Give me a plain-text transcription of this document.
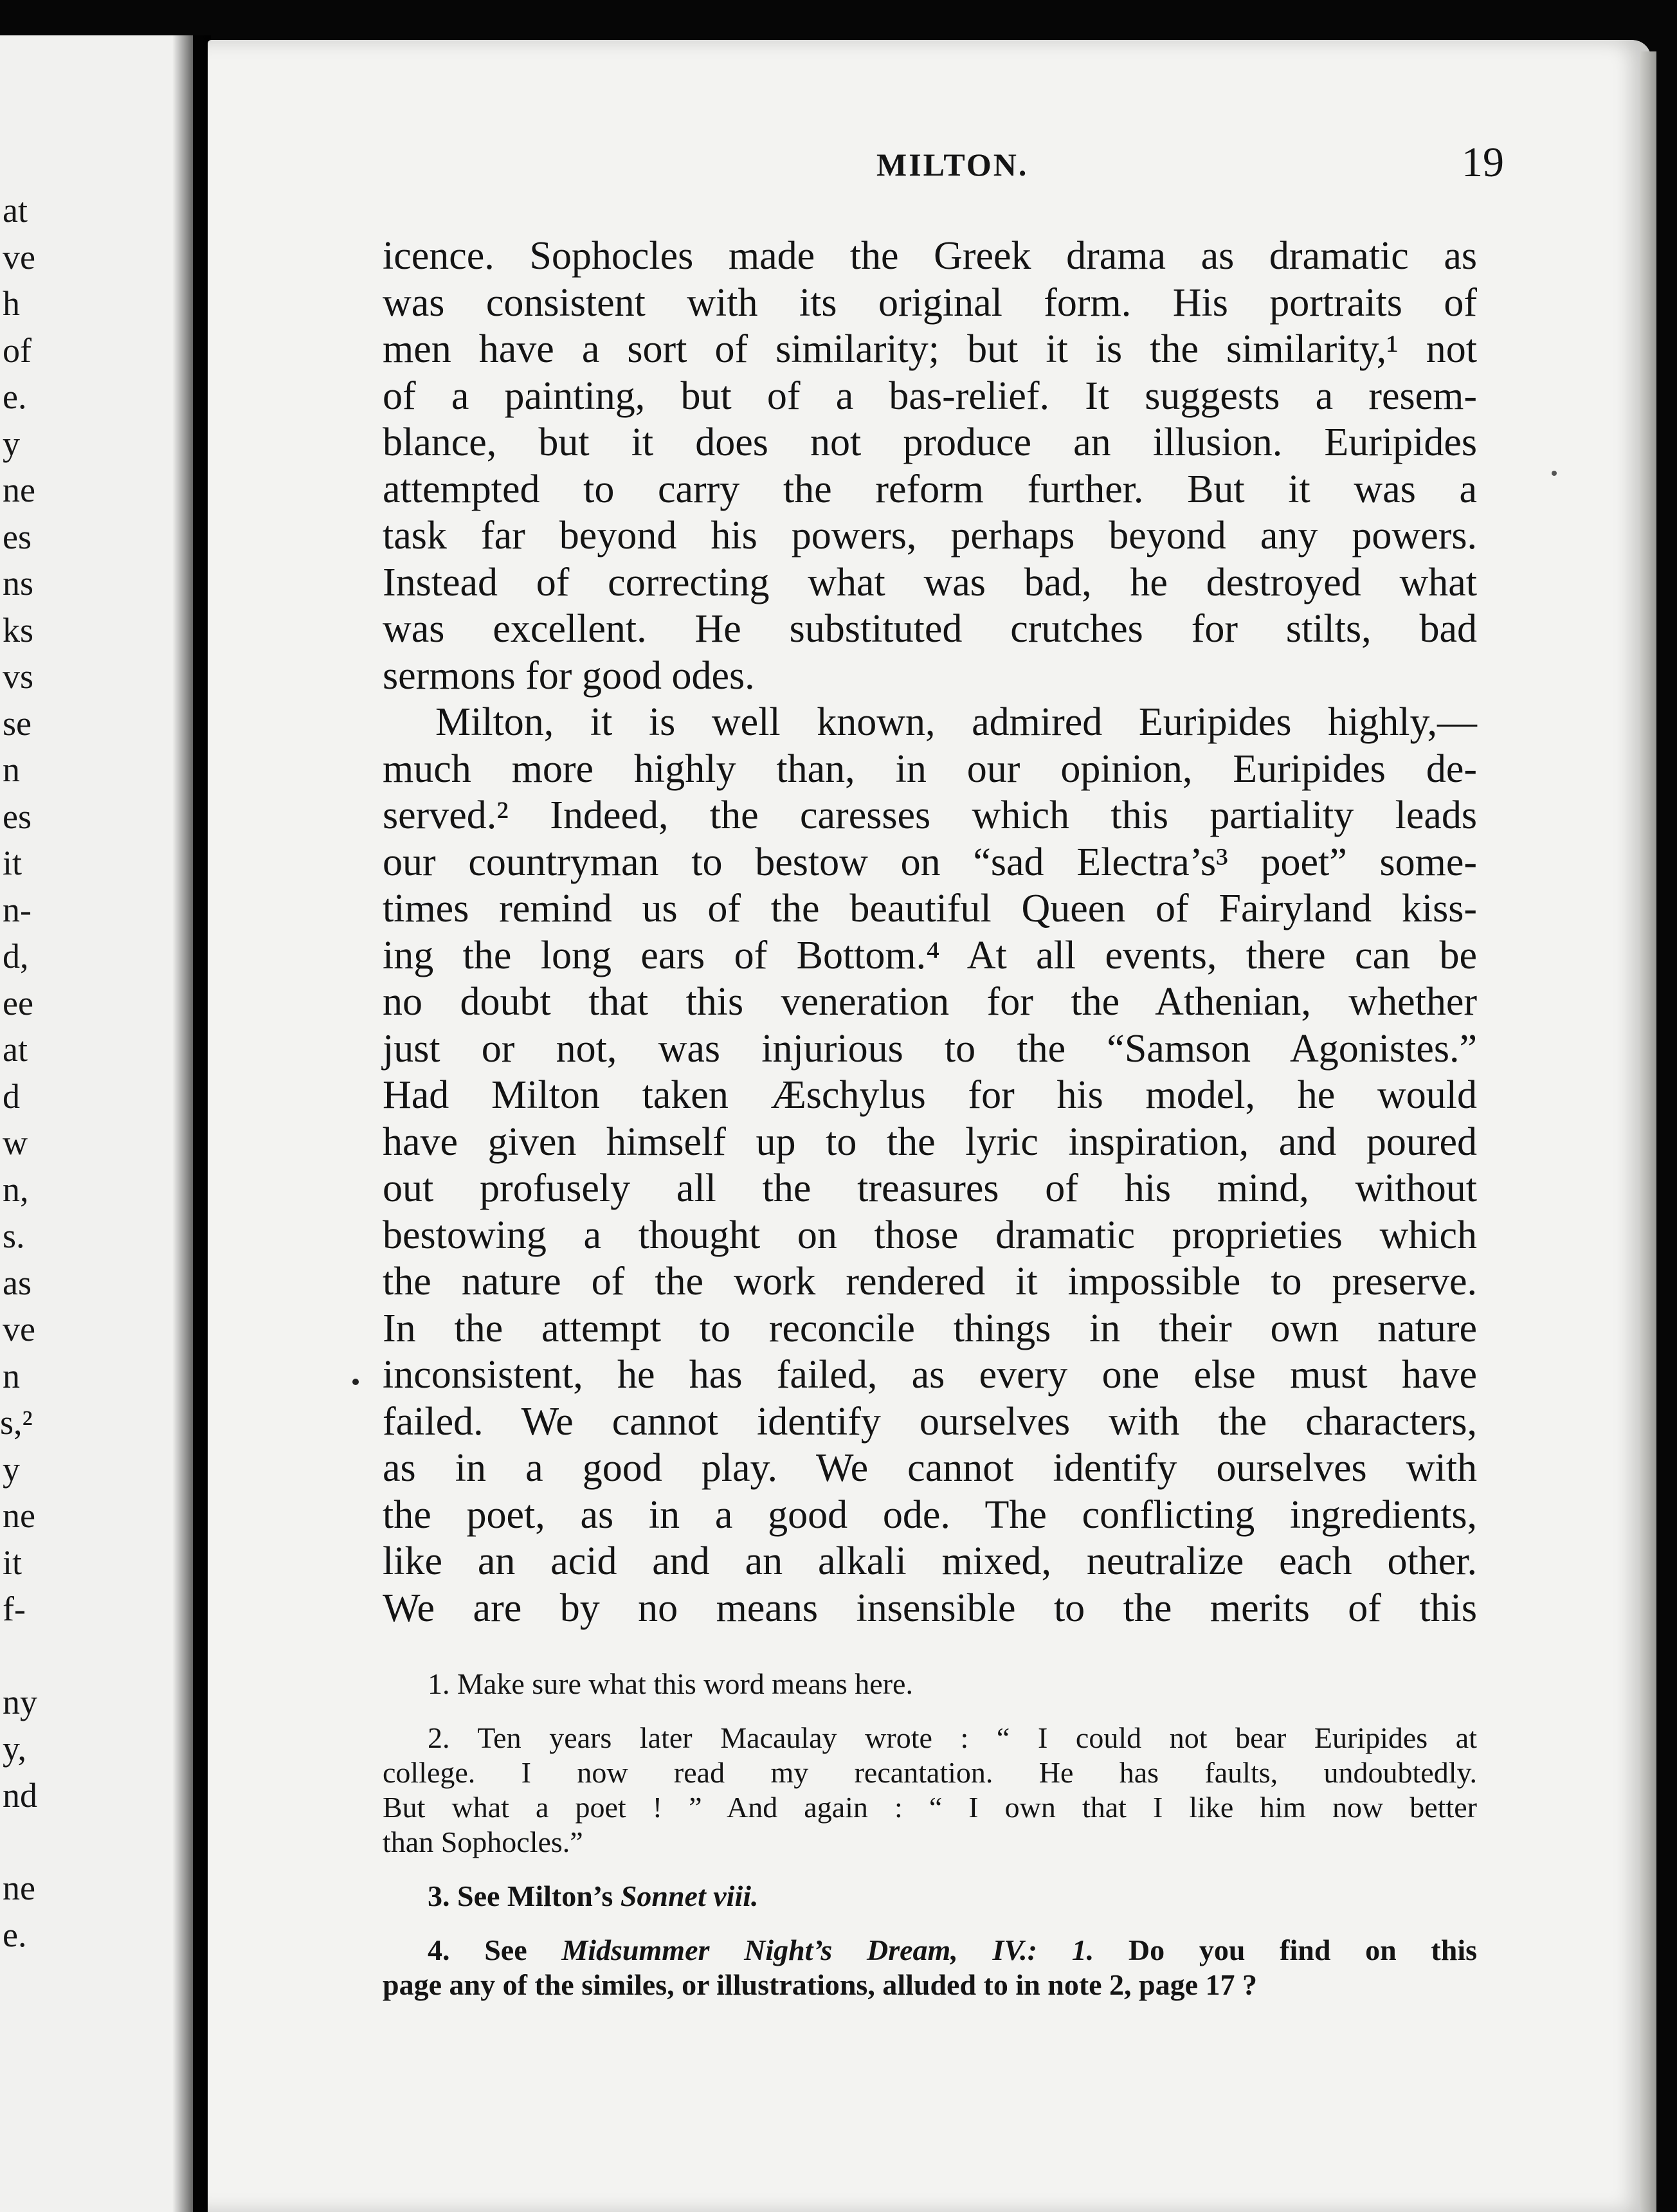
at
ve
h
of
e.
y
ne
es
ns
ks
vs
se
n
es
it
n-
d,
ee
at
d
w
n,
s.
as
ve
n
s,²
y
ne
it
f-
ny
y,
nd
ne
e.
MILTON.	19
icence. Sophocles made the Greek drama as dramatic as
was consistent with its original form. His portraits of
men have a sort of similarity; but it is the similarity,¹ not
of a painting, but of a bas-relief. It suggests a resem-
blance, but it does not produce an illusion. Euripides
attempted to carry the reform further. But it was a
task far beyond his powers, perhaps beyond any powers.
Instead of correcting what was bad, he destroyed what
was excellent. He substituted crutches for stilts, bad
sermons for good odes.
Milton, it is well known, admired Euripides highly,—
much more highly than, in our opinion, Euripides de-
served.² Indeed, the caresses which this partiality leads
our countryman to bestow on “sad Electra’s³ poet” some-
times remind us of the beautiful Queen of Fairyland kiss-
ing the long ears of Bottom.⁴ At all events, there can be
no doubt that this veneration for the Athenian, whether
just or not, was injurious to the “Samson Agonistes.”
Had Milton taken Æschylus for his model, he would
have given himself up to the lyric inspiration, and poured
out profusely all the treasures of his mind, without
bestowing a thought on those dramatic proprieties which
the nature of the work rendered it impossible to preserve.
In the attempt to reconcile things in their own nature
inconsistent, he has failed, as every one else must have
failed. We cannot identify ourselves with the characters,
as in a good play. We cannot identify ourselves with
the poet, as in a good ode. The conflicting ingredients,
like an acid and an alkali mixed, neutralize each other.
We are by no means insensible to the merits of this
1. Make sure what this word means here.
2. Ten years later Macaulay wrote : “ I could not bear Euripides at
college. I now read my recantation. He has faults, undoubtedly.
But what a poet ! ” And again : “ I own that I like him now better
than Sophocles.”
3. See Milton’s Sonnet viii.
4. See Midsummer Night’s Dream, IV.: 1. Do you find on this
page any of the similes, or illustrations, alluded to in note 2, page 17 ?
